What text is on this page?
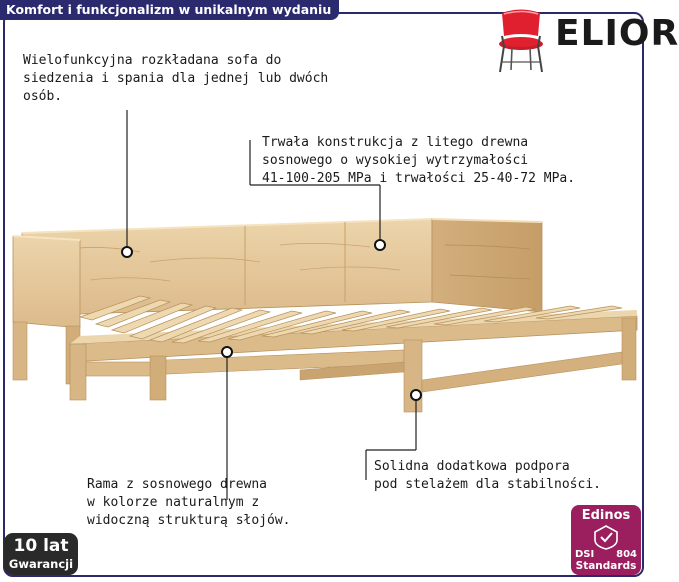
Komfort i funkcjonalizm w unikalnym wydaniu
ELIOR
Wielofunkcyjna rozkładana sofa do
siedzenia i spania dla jednej lub dwóch
osób.
Trwała konstrukcja z litego drewna
sosnowego o wysokiej wytrzymałości
41-100-205 MPa i trwałości 25-40-72 MPa.
Rama z sosnowego drewna
w kolorze naturalnym z
widoczną strukturą słojów.
Solidna dodatkowa podpora
pod stelażem dla stabilności.
10 lat
Gwarancji
Edinos
DSI 804
Standards
